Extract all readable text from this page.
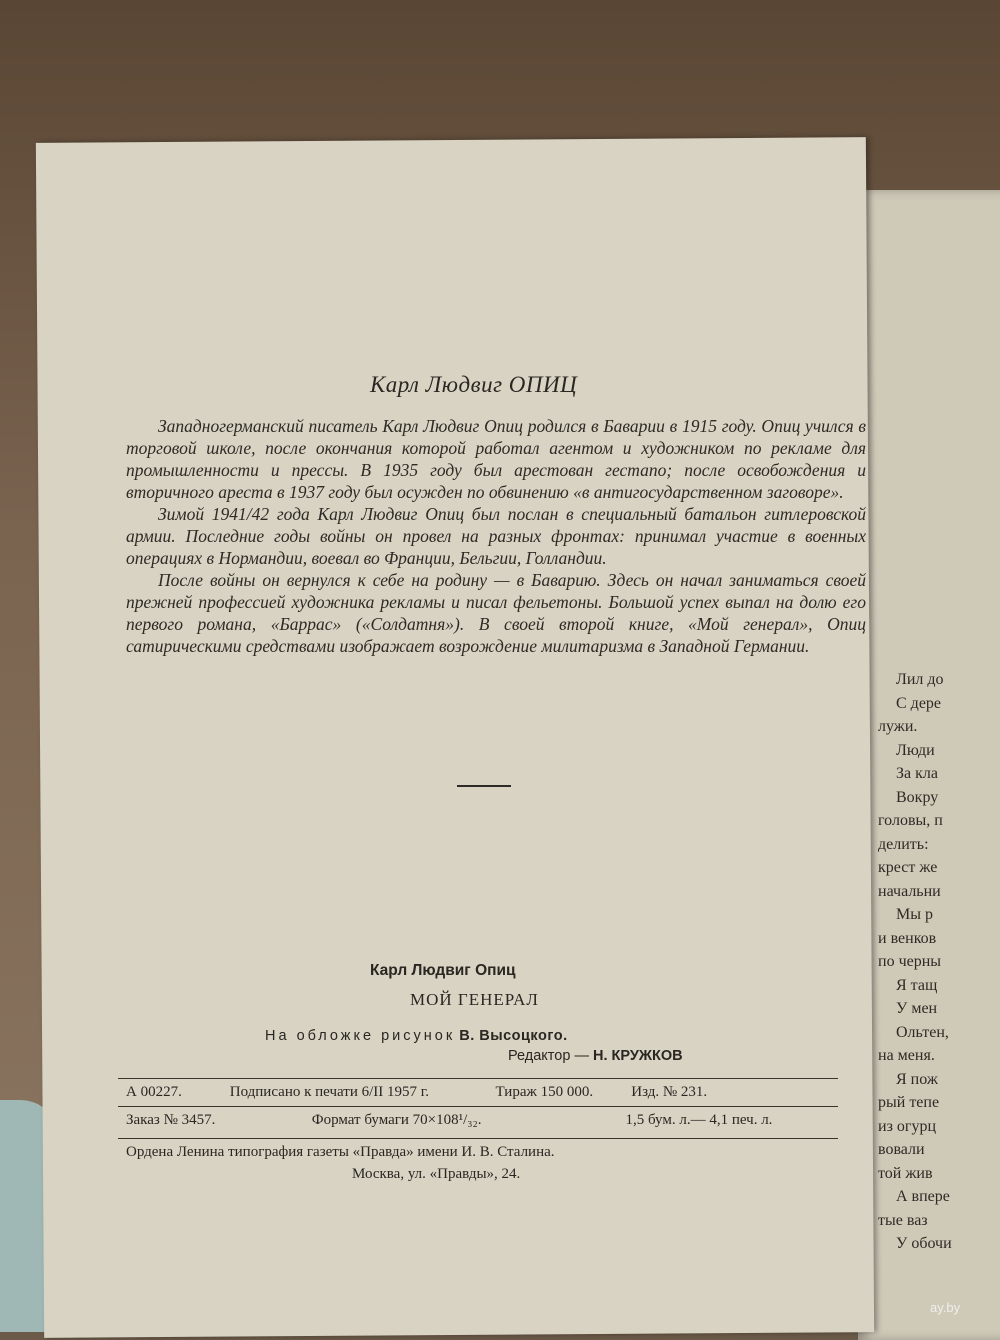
Лил до
С дере
лужи.
Люди
За кла
Вокру
головы, п
делить:
крест же
начальни
Мы р
и венков
по черны
Я тащ
У мен
Ольтен,
на меня.
Я пож
рый тепе
из огурц
вовали
той жив
А впере
тые ваз
У обочи
Карл Людвиг ОПИЦ

Западногерманский писатель Карл Людвиг Опиц родился в Баварии в 1915 году. Опиц учился в торговой школе, после окончания которой работал агентом и художником по рекламе для промышленности и прессы. В 1935 году был арестован гестапо; после освобождения и вторичного ареста в 1937 году был осужден по обвинению «в антигосударственном заговоре».

Зимой 1941/42 года Карл Людвиг Опиц был послан в специальный батальон гитлеровской армии. Последние годы войны он провел на разных фронтах: принимал участие в военных операциях в Нормандии, воевал во Франции, Бельгии, Голландии.

После войны он вернулся к себе на родину — в Баварию. Здесь он начал заниматься своей прежней профессией художника рекламы и писал фельетоны. Большой успех выпал на долю его первого романа, «Баррас» («Солдатня»). В своей второй книге, «Мой генерал», Опиц сатирическими средствами изображает возрождение милитаризма в Западной Германии.

Карл Людвиг Опиц
МОЙ ГЕНЕРАЛ
На обложке рисунок В. Высоцкого.
Редактор — Н. КРУЖКОВ
А 00227.	Подписано к печати 6/II 1957 г.	Тираж 150 000.	Изд. № 231.
Заказ № 3457.	Формат бумаги 70×108¹/₃₂.	1,5 бум. л.— 4,1 печ. л.
Ордена Ленина типография газеты «Правда» имени И. В. Сталина.
Москва, ул. «Правды», 24.
ay.by
